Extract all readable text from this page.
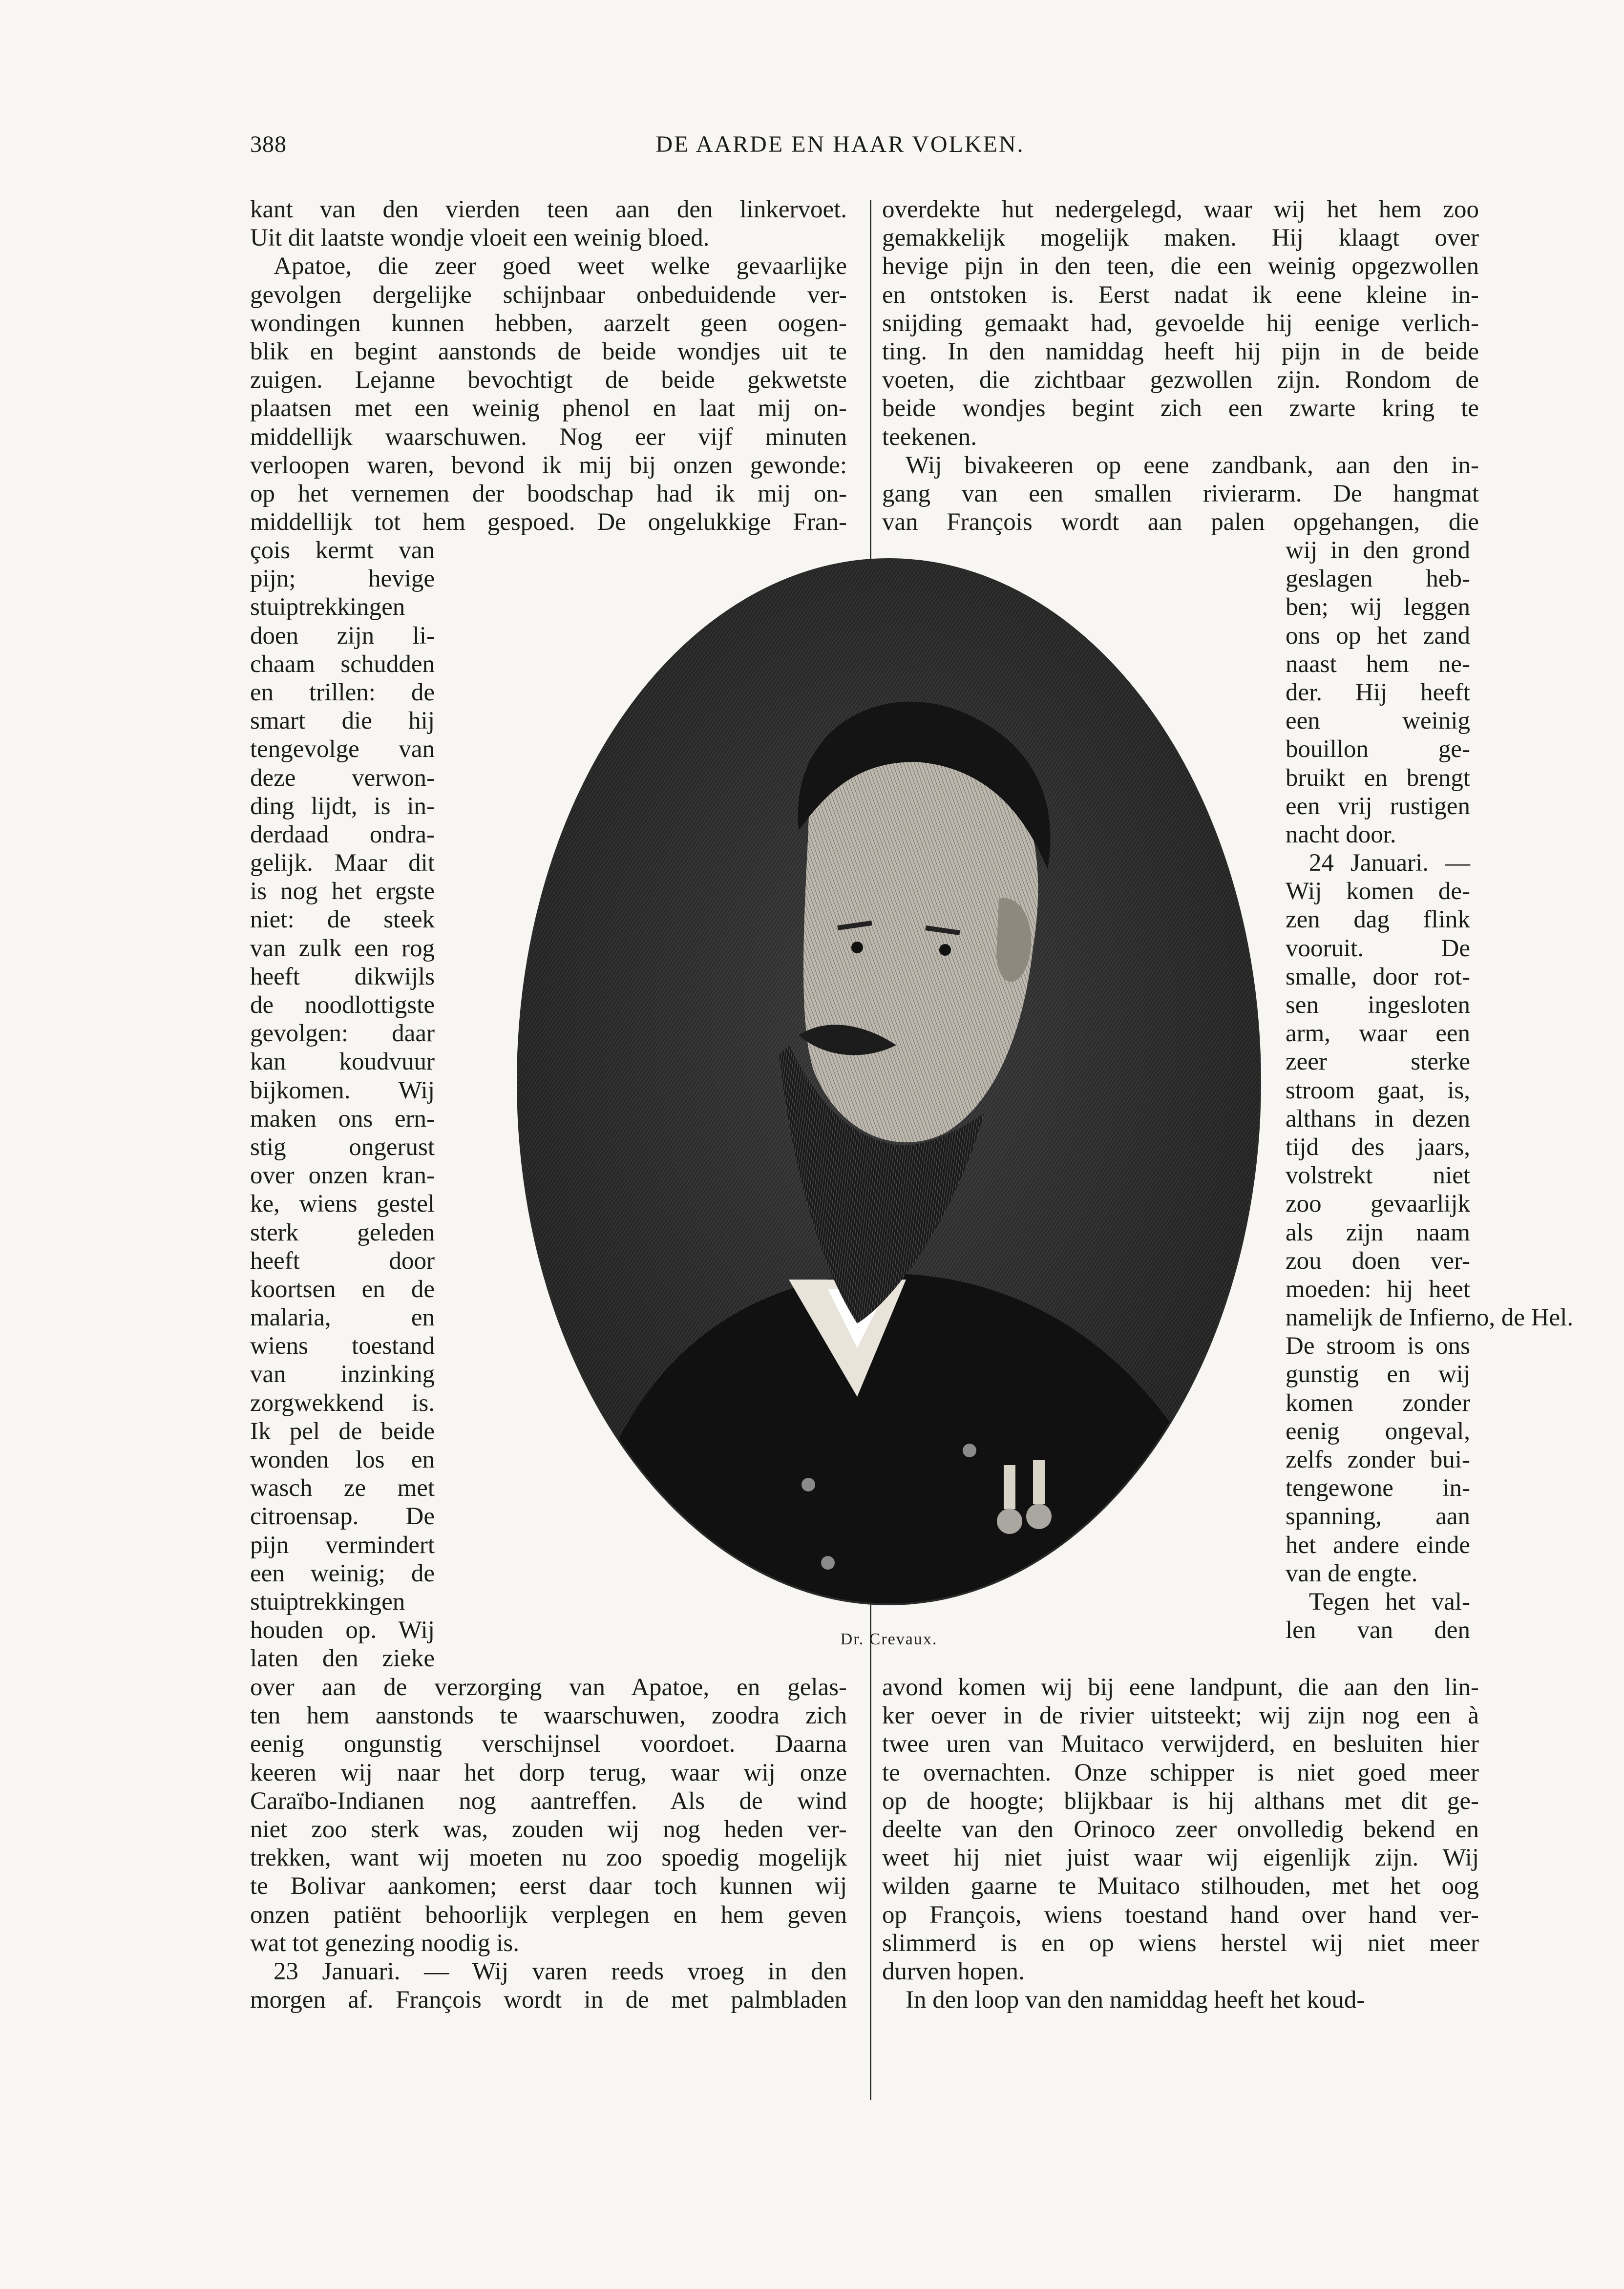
388	DE AARDE EN HAAR VOLKEN.
kant van den vierden teen aan den linkervoet.
Uit dit laatste wondje vloeit een weinig bloed.
Apatoe, die zeer goed weet welke gevaarlijke
gevolgen dergelijke schijnbaar onbeduidende ver-
wondingen kunnen hebben, aarzelt geen oogen-
blik en begint aanstonds de beide wondjes uit te
zuigen. Lejanne bevochtigt de beide gekwetste
plaatsen met een weinig phenol en laat mij on-
middellijk waarschuwen. Nog eer vijf minuten
verloopen waren, bevond ik mij bij onzen gewonde:
op het vernemen der boodschap had ik mij on-
middellijk tot hem gespoed. De ongelukkige Fran-
çois kermt van
pijn; hevige
stuiptrekkingen
doen zijn li-
chaam schudden
en trillen: de
smart die hij
tengevolge van
deze verwon-
ding lijdt, is in-
derdaad ondra-
gelijk. Maar dit
is nog het ergste
niet: de steek
van zulk een rog
heeft dikwijls
de noodlottigste
gevolgen: daar
kan koudvuur
bijkomen. Wij
maken ons ern-
stig ongerust
over onzen kran-
ke, wiens gestel
sterk geleden
heeft door
koortsen en de
malaria, en
wiens toestand
van inzinking
zorgwekkend is.
Ik pel de beide
wonden los en
wasch ze met
citroensap. De
pijn vermindert
een weinig; de
stuiptrekkingen
houden op. Wij
laten den zieke
over aan de verzorging van Apatoe, en gelas-
ten hem aanstonds te waarschuwen, zoodra zich
eenig ongunstig verschijnsel voordoet. Daarna
keeren wij naar het dorp terug, waar wij onze
Caraïbo-Indianen nog aantreffen. Als de wind
niet zoo sterk was, zouden wij nog heden ver-
trekken, want wij moeten nu zoo spoedig mogelijk
te Bolivar aankomen; eerst daar toch kunnen wij
onzen patiënt behoorlijk verplegen en hem geven
wat tot genezing noodig is.
23 Januari. — Wij varen reeds vroeg in den
morgen af. François wordt in de met palmbladen
overdekte hut nedergelegd, waar wij het hem zoo
gemakkelijk mogelijk maken. Hij klaagt over
hevige pijn in den teen, die een weinig opgezwollen
en ontstoken is. Eerst nadat ik eene kleine in-
snijding gemaakt had, gevoelde hij eenige verlich-
ting. In den namiddag heeft hij pijn in de beide
voeten, die zichtbaar gezwollen zijn. Rondom de
beide wondjes begint zich een zwarte kring te
teekenen.
Wij bivakeeren op eene zandbank, aan den in-
gang van een smallen rivierarm. De hangmat
van François wordt aan palen opgehangen, die
wij in den grond
geslagen heb-
ben; wij leggen
ons op het zand
naast hem ne-
der. Hij heeft
een weinig
bouillon ge-
bruikt en brengt
een vrij rustigen
nacht door.
24 Januari. —
Wij komen de-
zen dag flink
vooruit. De
smalle, door rot-
sen ingesloten
arm, waar een
zeer sterke
stroom gaat, is,
althans in dezen
tijd des jaars,
volstrekt niet
zoo gevaarlijk
als zijn naam
zou doen ver-
moeden: hij heet
namelijk de Infierno, de Hel.
De stroom is ons
gunstig en wij
komen zonder
eenig ongeval,
zelfs zonder bui-
tengewone in-
spanning, aan
het andere einde
van de engte.
Tegen het val-
len van den
avond komen wij bij eene landpunt, die aan den lin-
ker oever in de rivier uitsteekt; wij zijn nog een à
twee uren van Muitaco verwijderd, en besluiten hier
te overnachten. Onze schipper is niet goed meer
op de hoogte; blijkbaar is hij althans met dit ge-
deelte van den Orinoco zeer onvolledig bekend en
weet hij niet juist waar wij eigenlijk zijn. Wij
wilden gaarne te Muitaco stilhouden, met het oog
op François, wiens toestand hand over hand ver-
slimmerd is en op wiens herstel wij niet meer
durven hopen.
In den loop van den namiddag heeft het koud-
Dr. Crevaux.
